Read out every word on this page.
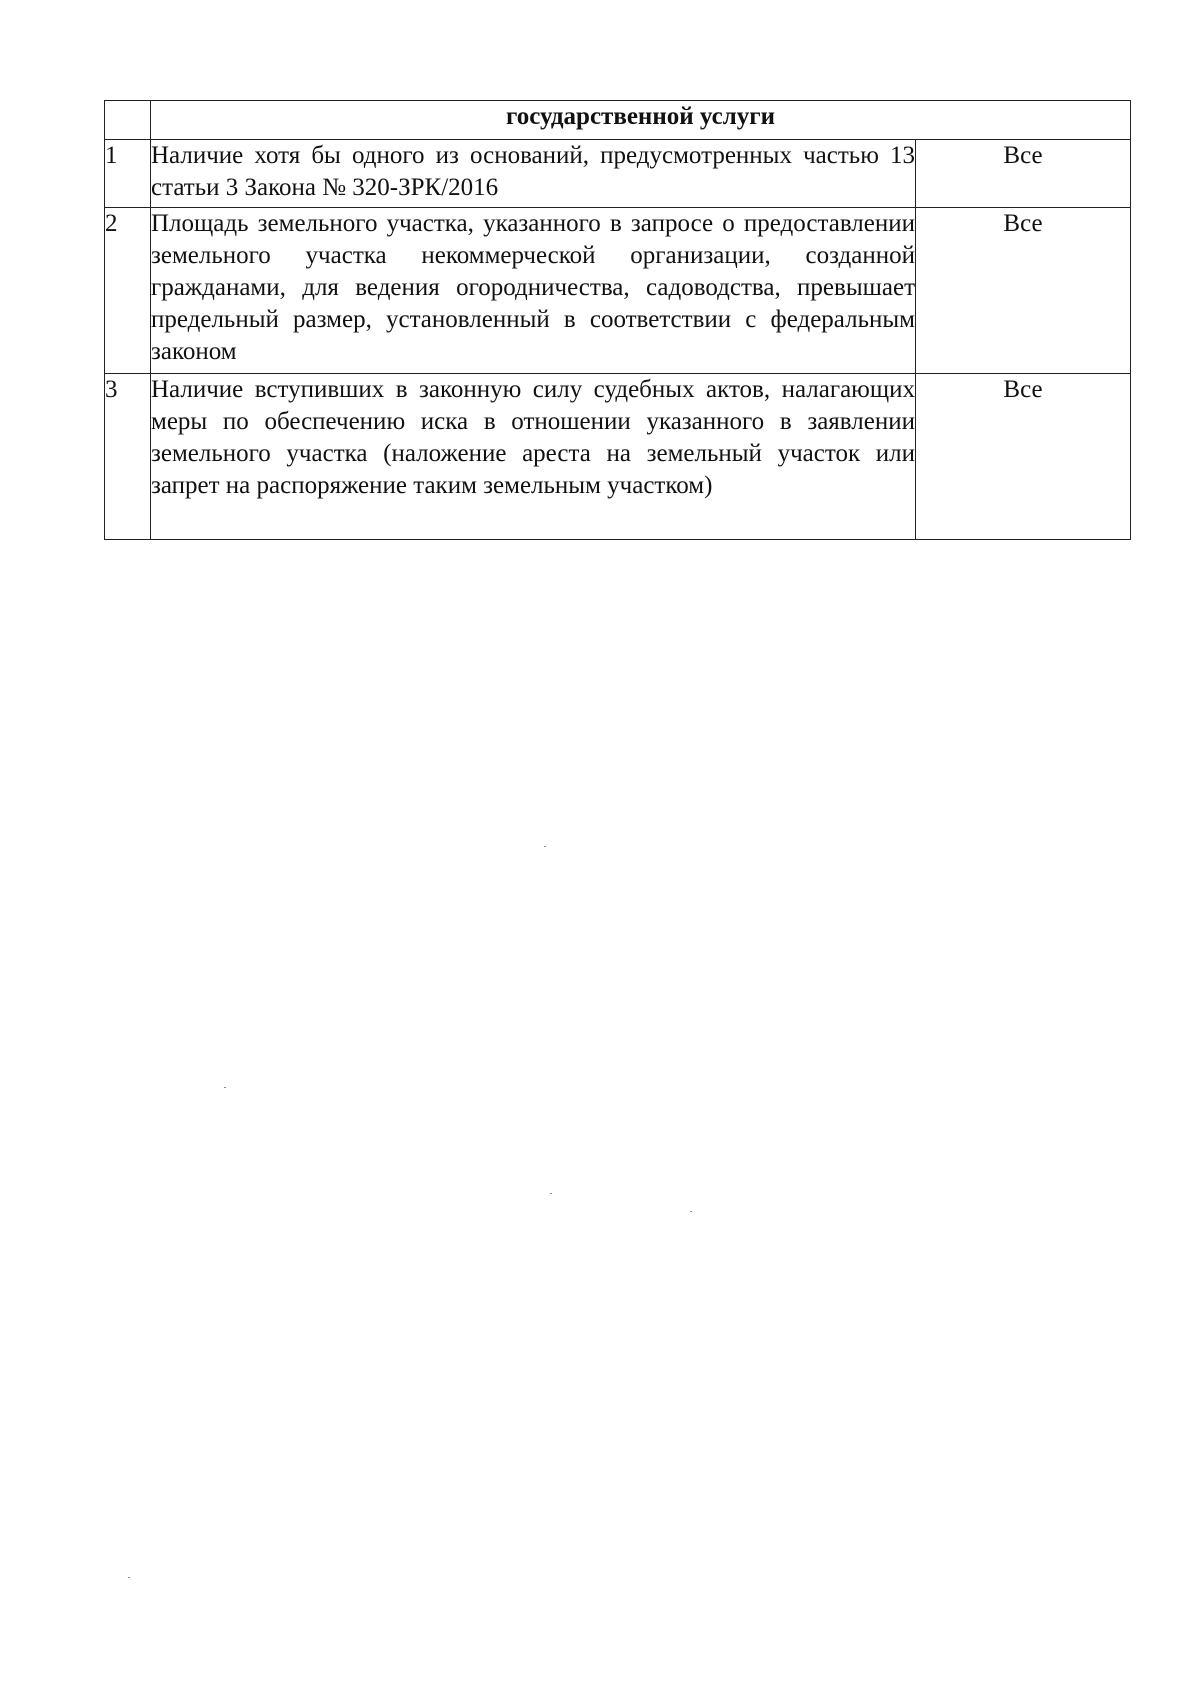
	государственной услуги	
1	Наличие хотя бы одного из оснований, предусмотренных частью 13 статьи 3 Закона № 320-ЗРК/2016	Все
2	Площадь земельного участка, указанного в запросе о предоставлении земельного участка некоммерческой организации, созданной гражданами, для ведения огородничества, садоводства, превышает предельный размер, установленный в соответствии с федеральным законом	Все
3	Наличие вступивших в законную силу судебных актов, налагающих меры по обеспечению иска в отношении указанного в заявлении земельного участка (наложение ареста на земельный участок или запрет на распоряжение таким земельным участком)	Все
